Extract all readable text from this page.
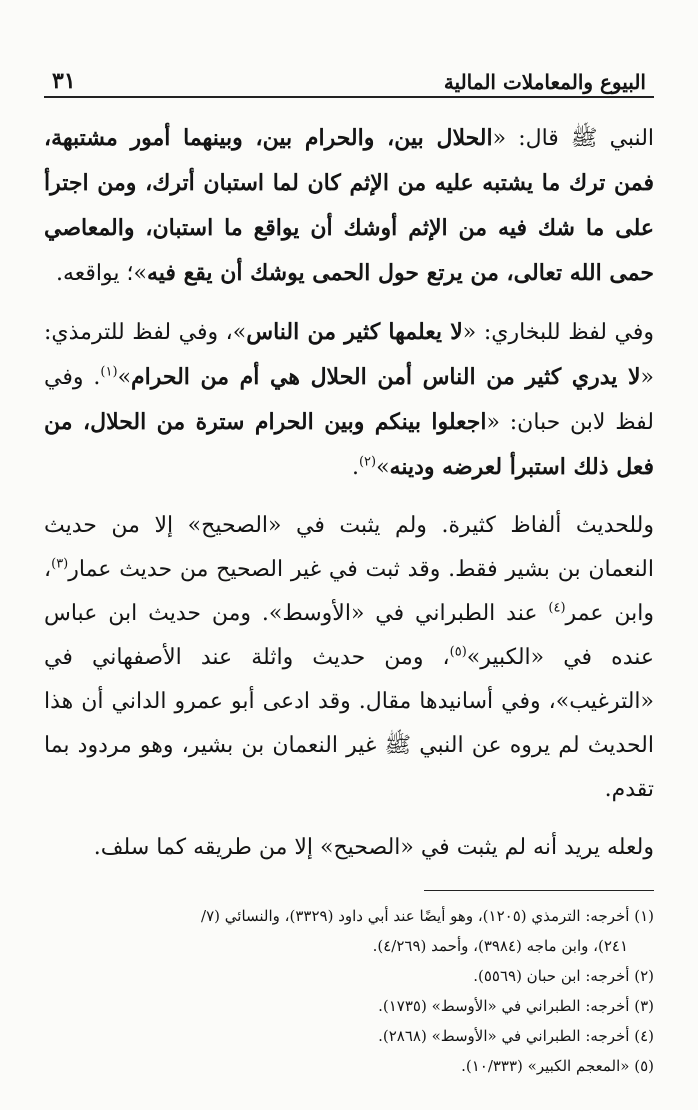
البيوع والمعاملات المالية
٣١

النبي ﷺ قال: «الحلال بين، والحرام بين، وبينهما أمور مشتبهة، فمن ترك ما يشتبه عليه من الإثم كان لما استبان أترك، ومن اجترأ على ما شك فيه من الإثم أوشك أن يواقع ما استبان، والمعاصي حمى الله تعالى، من يرتع حول الحمى يوشك أن يقع فيه»؛ يواقعه.

وفي لفظ للبخاري: «لا يعلمها كثير من الناس»، وفي لفظ للترمذي: «لا يدري كثير من الناس أمن الحلال هي أم من الحرام»$^{(١)}$. وفي لفظ لابن حبان: «اجعلوا بينكم وبين الحرام سترة من الحلال، من فعل ذلك استبرأ لعرضه ودينه»$^{(٢)}$.

وللحديث ألفاظ كثيرة. ولم يثبت في «الصحيح» إلا من حديث النعمان بن بشير فقط. وقد ثبت في غير الصحيح من حديث عمار$^{(٣)}$، وابن عمر$^{(٤)}$ عند الطبراني في «الأوسط». ومن حديث ابن عباس عنده في «الكبير»$^{(٥)}$، ومن حديث واثلة عند الأصفهاني في «الترغيب»، وفي أسانيدها مقال. وقد ادعى أبو عمرو الداني أن هذا الحديث لم يروه عن النبي ﷺ غير النعمان بن بشير، وهو مردود بما تقدم.

ولعله يريد أنه لم يثبت في «الصحيح» إلا من طريقه كما سلف.

(١) أخرجه: الترمذي (١٢٠٥)، وهو أيضًا عند أبي داود (٣٣٢٩)، والنسائي (٧/
٢٤١)، وابن ماجه (٣٩٨٤)، وأحمد (٤/٢٦٩).
(٢) أخرجه: ابن حبان (٥٥٦٩).
(٣) أخرجه: الطبراني في «الأوسط» (١٧٣٥).
(٤) أخرجه: الطبراني في «الأوسط» (٢٨٦٨).
(٥) «المعجم الكبير» (١٠/٣٣٣).
